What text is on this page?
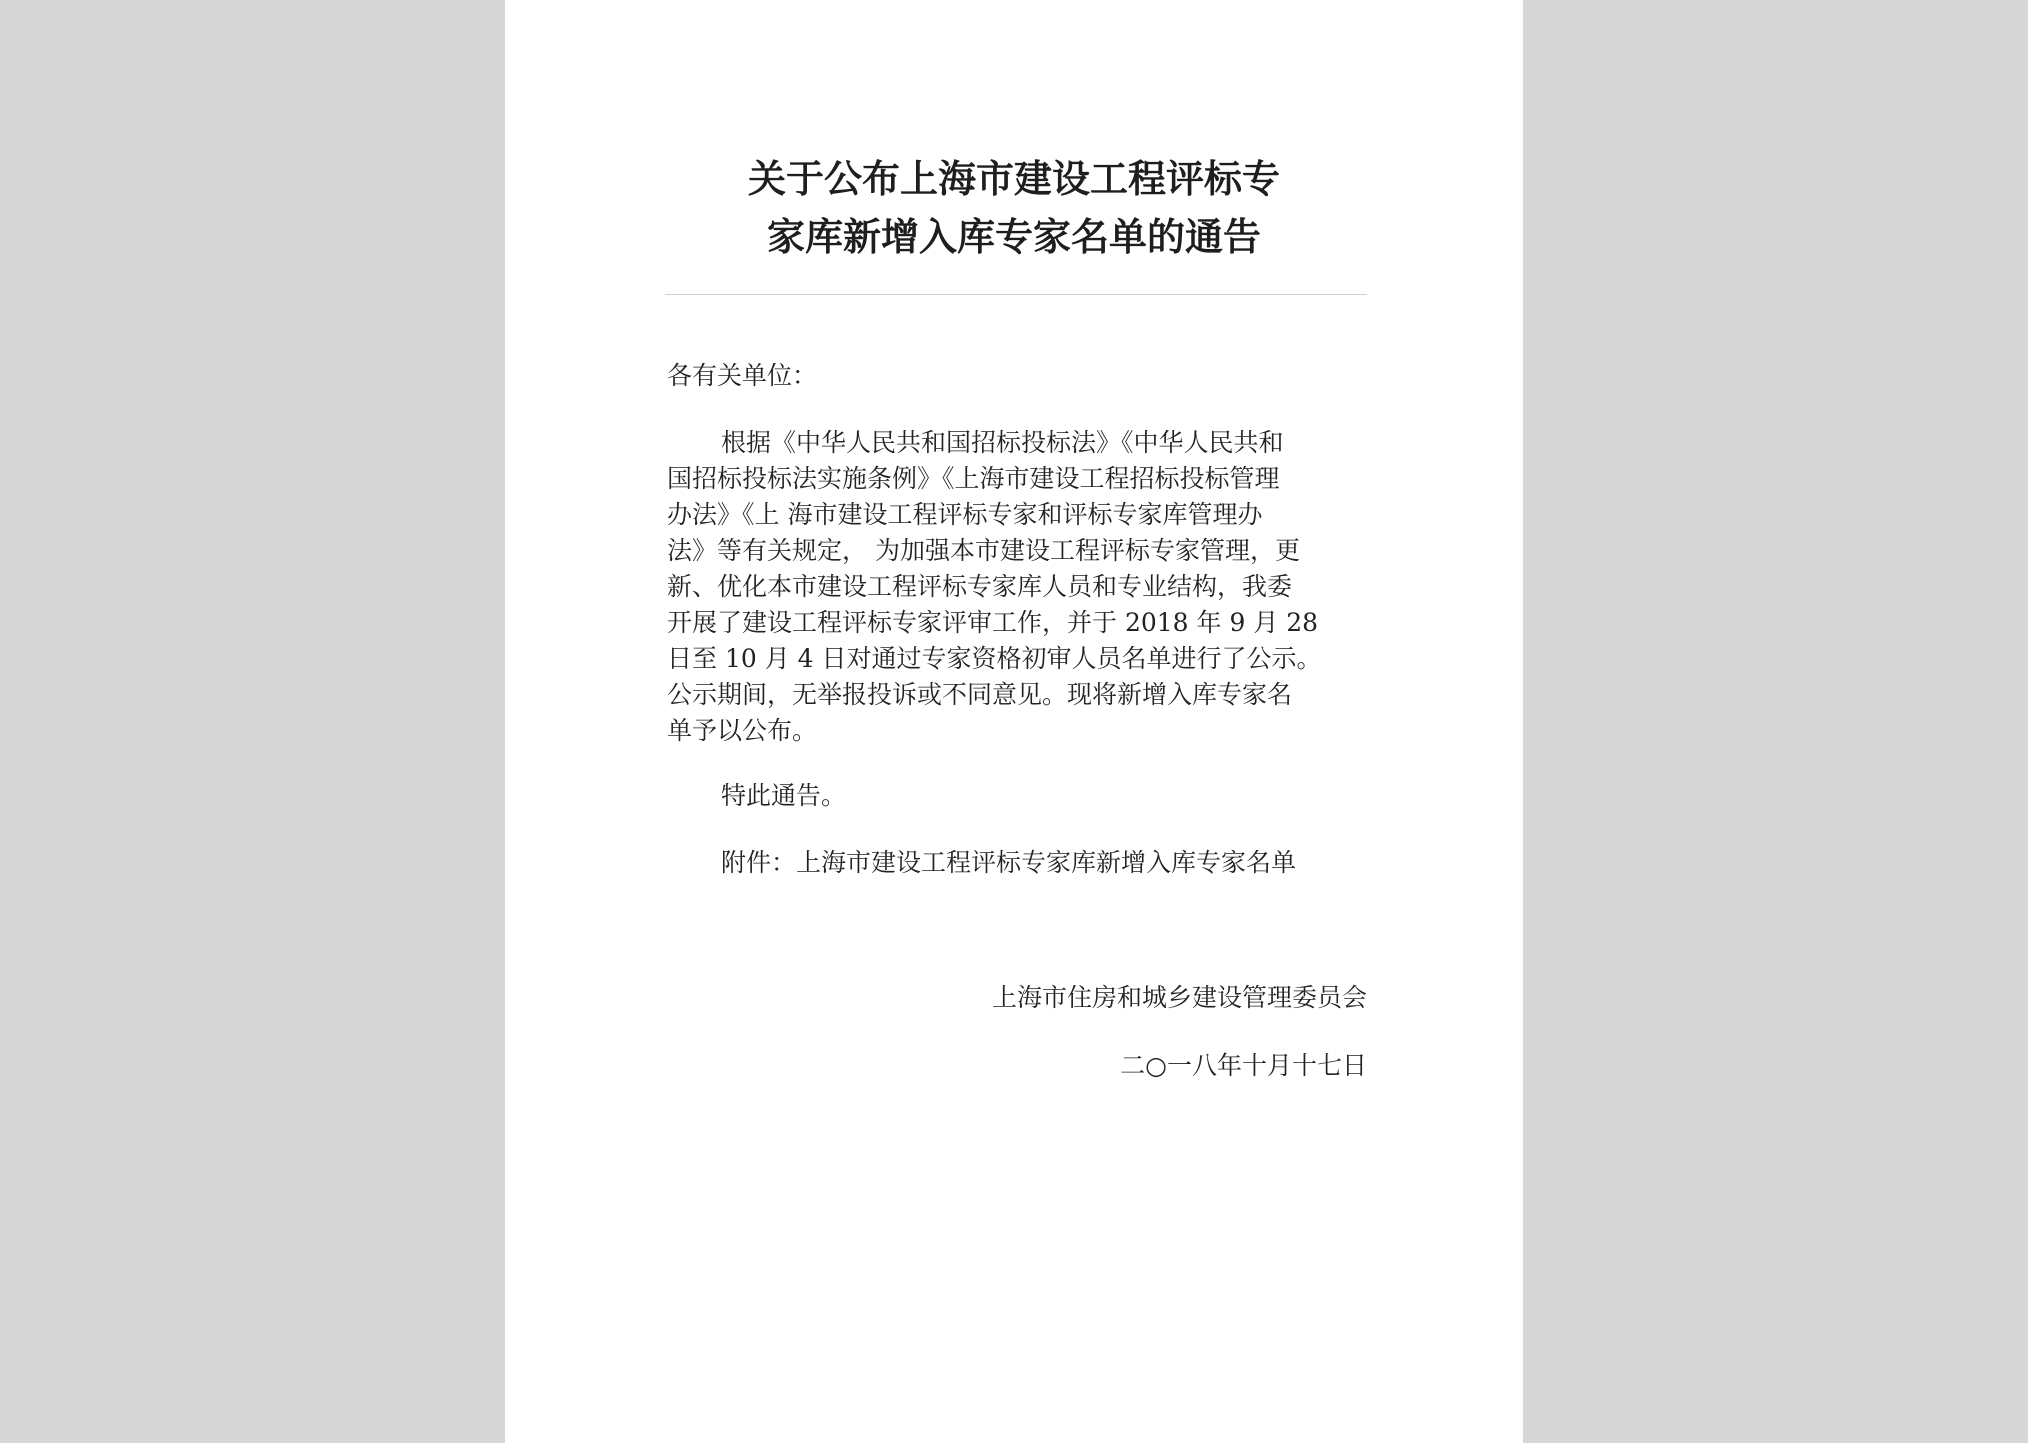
关于公布上海市建设工程评标专
家库新增入库专家名单的通告
各有关单位：
根据《中华人民共和国招标投标法》《中华人民共和
国招标投标法实施条例》《上海市建设工程招标投标管理
办法》《上 海市建设工程评标专家和评标专家库管理办
法》等有关规定， 为加强本市建设工程评标专家管理，更
新、优化本市建设工程评标专家库人员和专业结构，我委
开展了建设工程评标专家评审工作，并于 2018 年 9 月 28
日至 10 月 4 日对通过专家资格初审人员名单进行了公示。
公示期间，无举报投诉或不同意见。现将新增入库专家名
单予以公布。
特此通告。
附件：上海市建设工程评标专家库新增入库专家名单
上海市住房和城乡建设管理委员会
二○一八年十月十七日
